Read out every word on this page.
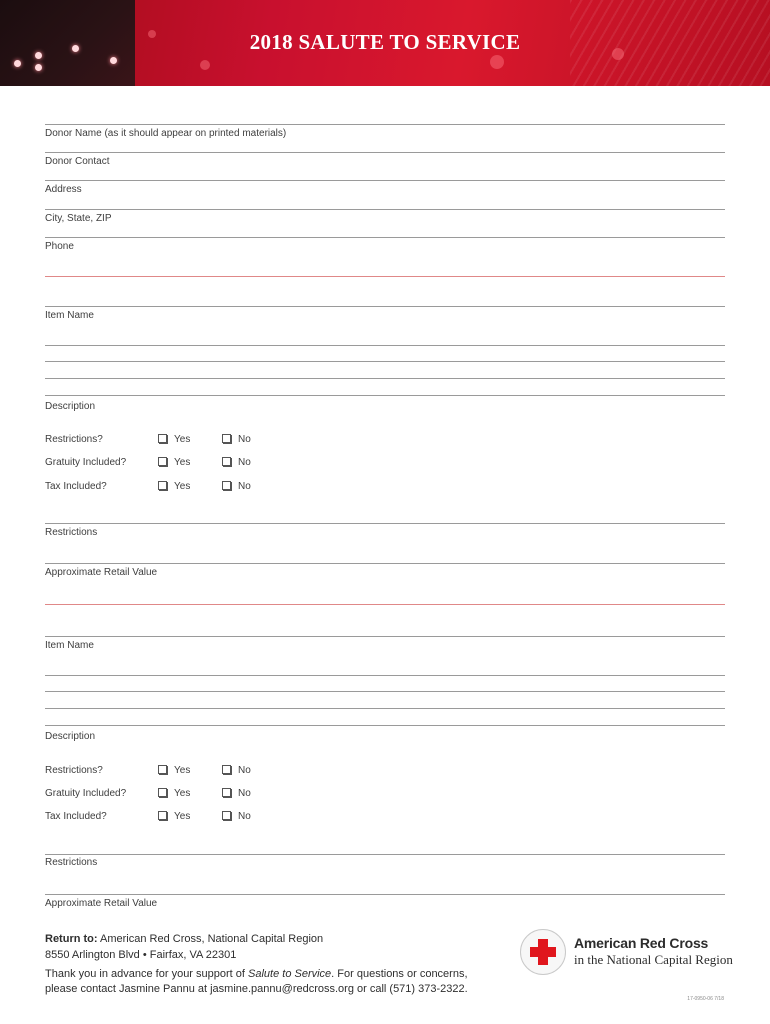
2018 SALUTE TO SERVICE
Donor Name (as it should appear on printed materials)
Donor Contact
Address
City, State, ZIP
Phone
Item Name
Description
Restrictions?	Yes	No
Gratuity Included?	Yes	No
Tax Included?	Yes	No
Restrictions
Approximate Retail Value
Item Name
Description
Restrictions?	Yes	No
Gratuity Included?	Yes	No
Tax Included?	Yes	No
Restrictions
Approximate Retail Value
Return to: American Red Cross, National Capital Region
8550 Arlington Blvd • Fairfax, VA 22301
Thank you in advance for your support of Salute to Service. For questions or concerns,
please contact Jasmine Pannu at jasmine.pannu@redcross.org or call (571) 373-2322.
American Red Cross
in the National Capital Region
17-0950-06 7/18
